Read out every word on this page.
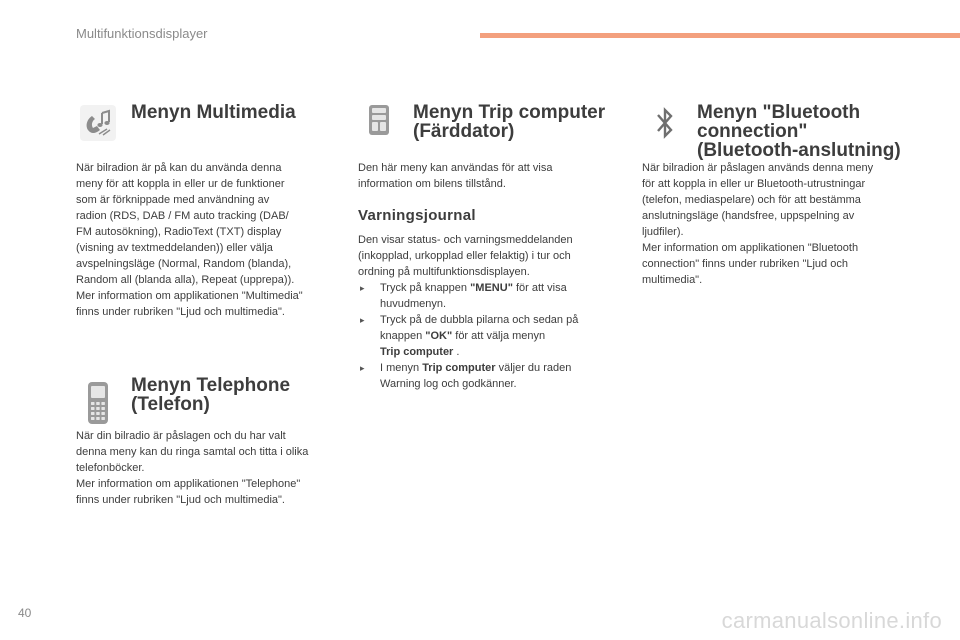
Multifunktionsdisplayer
Menyn Multimedia
När bilradion är på kan du använda denna
meny för att koppla in eller ur de funktioner
som är förknippade med användning av
radion (RDS, DAB / FM auto tracking (DAB/
FM autosökning), RadioText (TXT) display
(visning av textmeddelanden)) eller välja
avspelningsläge (Normal, Random (blanda),
Random all (blanda alla), Repeat (upprepa)).
Mer information om applikationen "Multimedia"
finns under rubriken "Ljud och multimedia".
Menyn Telephone
(Telefon)
När din bilradio är påslagen och du har valt
denna meny kan du ringa samtal och titta i olika
telefonböcker.
Mer information om applikationen "Telephone"
finns under rubriken "Ljud och multimedia".
Menyn Trip computer
(Färddator)
Den här meny kan användas för att visa
information om bilens tillstånd.
Varningsjournal
Den visar status- och varningsmeddelanden
(inkopplad, urkopplad eller felaktig) i tur och
ordning på multifunktionsdisplayen.
▸ Tryck på knappen "MENU" för att visa
huvudmenyn.
▸ Tryck på de dubbla pilarna och sedan på
knappen "OK" för att välja menyn
Trip computer .
▸ I menyn Trip computer väljer du raden
Warning log och godkänner.
Menyn "Bluetooth
connection"
(Bluetooth-anslutning)
När bilradion är påslagen används denna meny
för att koppla in eller ur Bluetooth-utrustningar
(telefon, mediaspelare) och för att bestämma
anslutningsläge (handsfree, uppspelning av
ljudfiler).
Mer information om applikationen "Bluetooth
connection" finns under rubriken "Ljud och
multimedia".
40	carmanualsonline.info
